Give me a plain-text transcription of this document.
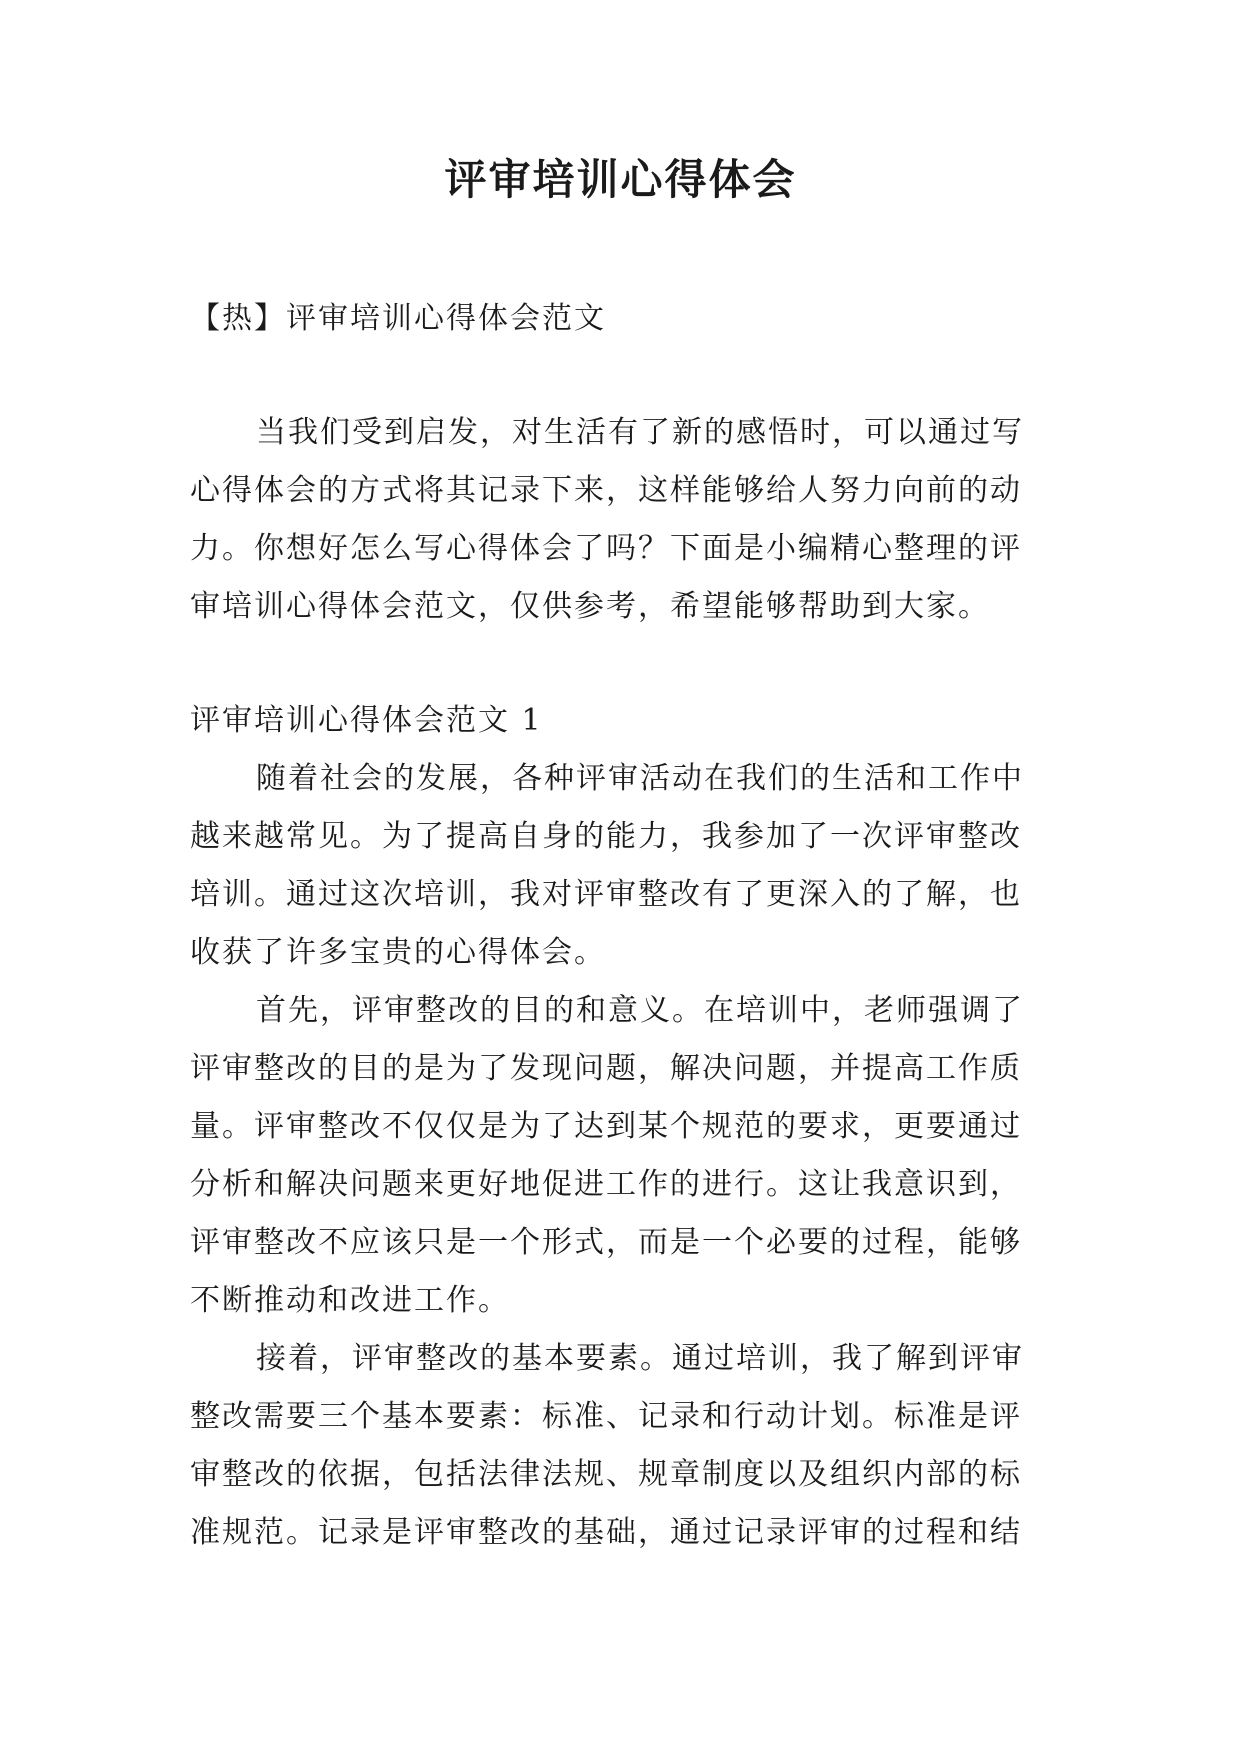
评审培训心得体会
【热】评审培训心得体会范文
当我们受到启发，对生活有了新的感悟时，可以通过写
心得体会的方式将其记录下来，这样能够给人努力向前的动
力。你想好怎么写心得体会了吗？下面是小编精心整理的评
审培训心得体会范文，仅供参考，希望能够帮助到大家。
评审培训心得体会范文 1
随着社会的发展，各种评审活动在我们的生活和工作中
越来越常见。为了提高自身的能力，我参加了一次评审整改
培训。通过这次培训，我对评审整改有了更深入的了解，也
收获了许多宝贵的心得体会。
首先，评审整改的目的和意义。在培训中，老师强调了
评审整改的目的是为了发现问题，解决问题，并提高工作质
量。评审整改不仅仅是为了达到某个规范的要求，更要通过
分析和解决问题来更好地促进工作的进行。这让我意识到，
评审整改不应该只是一个形式，而是一个必要的过程，能够
不断推动和改进工作。
接着，评审整改的基本要素。通过培训，我了解到评审
整改需要三个基本要素：标准、记录和行动计划。标准是评
审整改的依据，包括法律法规、规章制度以及组织内部的标
准规范。记录是评审整改的基础，通过记录评审的过程和结
